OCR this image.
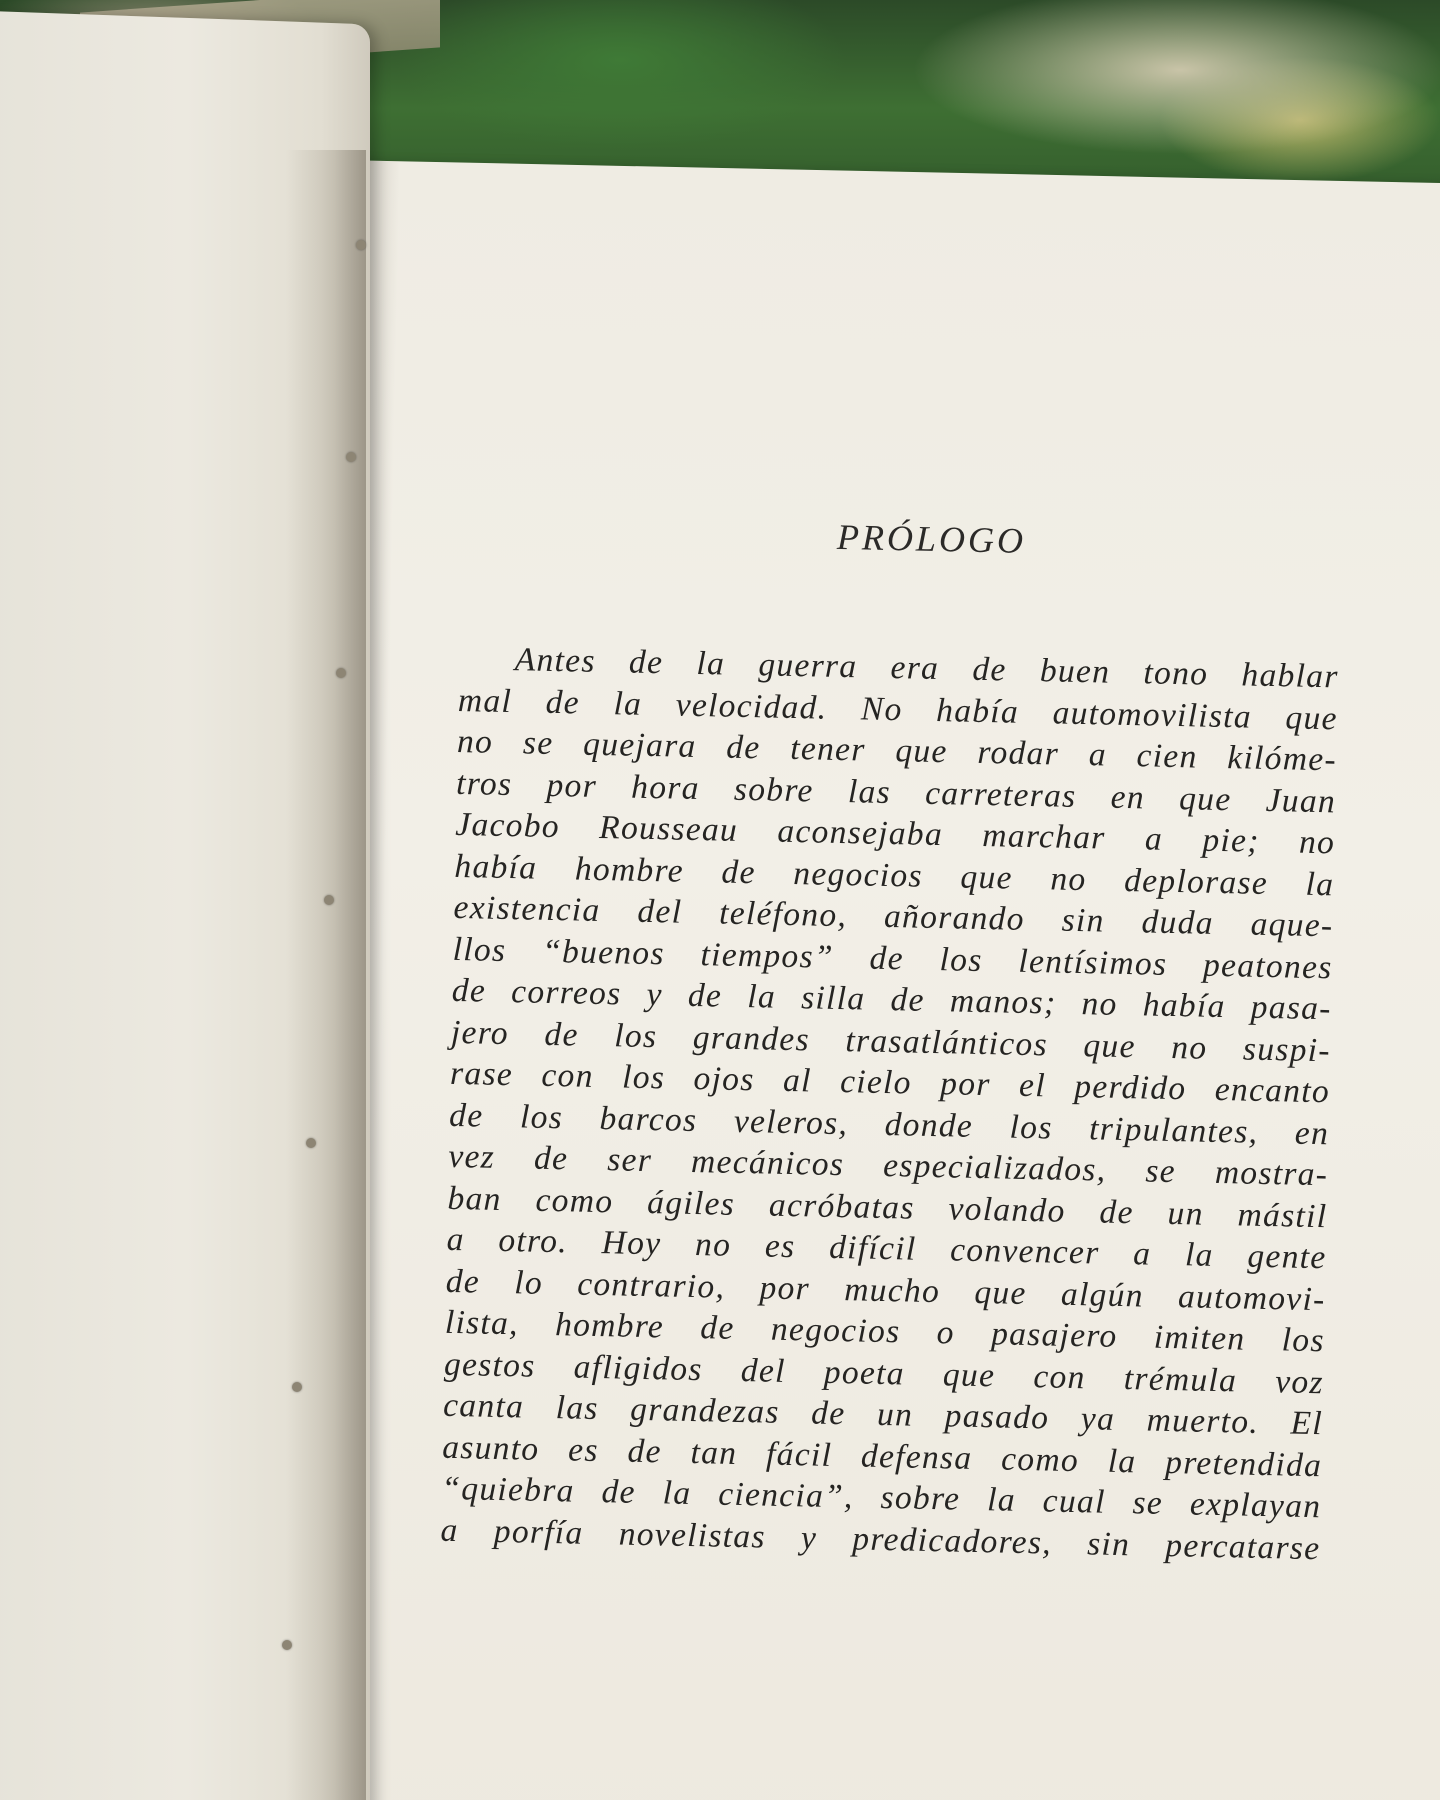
PRÓLOGO
Antes de la guerra era de buen tono hablar
mal de la velocidad. No había automovilista que
no se quejara de tener que rodar a cien kilóme-
tros por hora sobre las carreteras en que Juan
Jacobo Rousseau aconsejaba marchar a pie; no
había hombre de negocios que no deplorase la
existencia del teléfono, añorando sin duda aque-
llos “buenos tiempos” de los lentísimos peatones
de correos y de la silla de manos; no había pasa-
jero de los grandes trasatlánticos que no suspi-
rase con los ojos al cielo por el perdido encanto
de los barcos veleros, donde los tripulantes, en
vez de ser mecánicos especializados, se mostra-
ban como ágiles acróbatas volando de un mástil
a otro. Hoy no es difícil convencer a la gente
de lo contrario, por mucho que algún automovi-
lista, hombre de negocios o pasajero imiten los
gestos afligidos del poeta que con trémula voz
canta las grandezas de un pasado ya muerto. El
asunto es de tan fácil defensa como la pretendida
“quiebra de la ciencia”, sobre la cual se explayan
a porfía novelistas y predicadores, sin percatarse
